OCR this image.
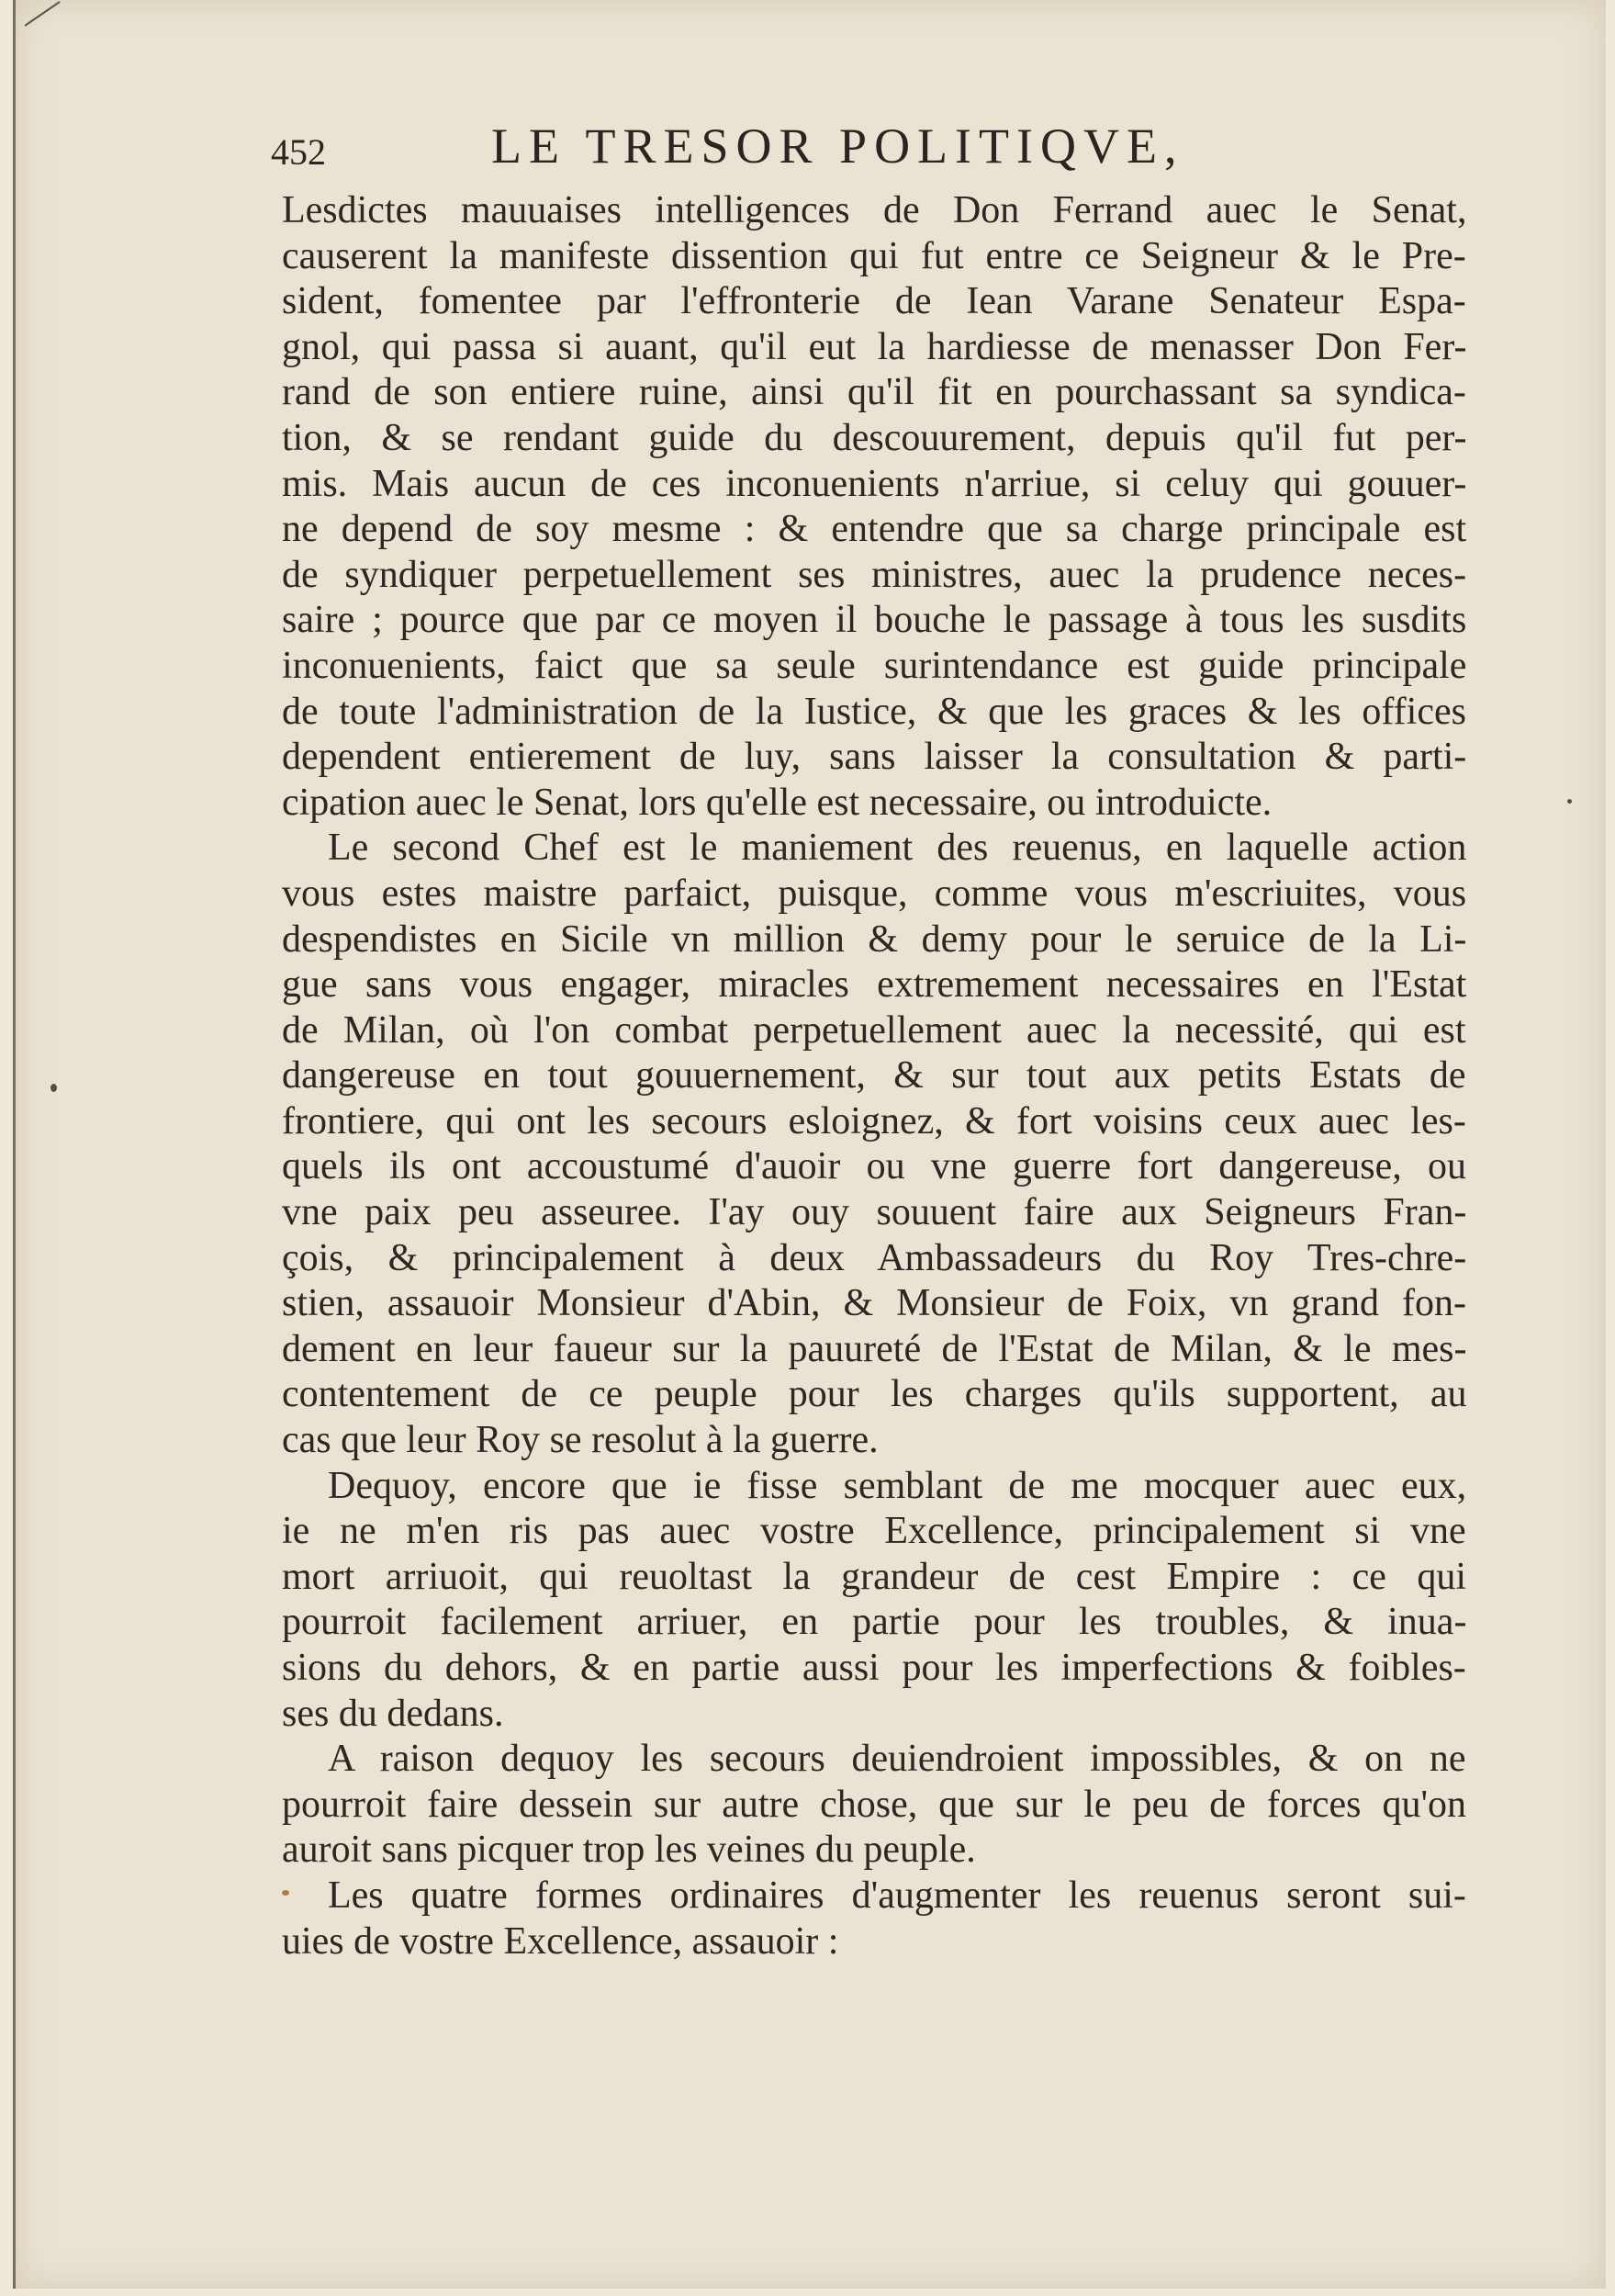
452	LE TRESOR POLITIQVE,
Lesdictes mauuaises intelligences de Don Ferrand auec le Senat,
causerent la manifeste dissention qui fut entre ce Seigneur & le Pre-
sident, fomentee par l'effronterie de Iean Varane Senateur Espa-
gnol, qui passa si auant, qu'il eut la hardiesse de menasser Don Fer-
rand de son entiere ruine, ainsi qu'il fit en pourchassant sa syndica-
tion, & se rendant guide du descouurement, depuis qu'il fut per-
mis. Mais aucun de ces inconuenients n'arriue, si celuy qui gouuer-
ne depend de soy mesme : & entendre que sa charge principale est
de syndiquer perpetuellement ses ministres, auec la prudence neces-
saire ; pource que par ce moyen il bouche le passage à tous les susdits
inconuenients, faict que sa seule surintendance est guide principale
de toute l'administration de la Iustice, & que les graces & les offices
dependent entierement de luy, sans laisser la consultation & parti-
cipation auec le Senat, lors qu'elle est necessaire, ou introduicte.
Le second Chef est le maniement des reuenus, en laquelle action
vous estes maistre parfaict, puisque, comme vous m'escriuites, vous
despendistes en Sicile vn million & demy pour le seruice de la Li-
gue sans vous engager, miracles extremement necessaires en l'Estat
de Milan, où l'on combat perpetuellement auec la necessité, qui est
dangereuse en tout gouuernement, & sur tout aux petits Estats de
frontiere, qui ont les secours esloignez, & fort voisins ceux auec les-
quels ils ont accoustumé d'auoir ou vne guerre fort dangereuse, ou
vne paix peu asseuree. I'ay ouy souuent faire aux Seigneurs Fran-
çois, & principalement à deux Ambassadeurs du Roy Tres-chre-
stien, assauoir Monsieur d'Abin, & Monsieur de Foix, vn grand fon-
dement en leur faueur sur la pauureté de l'Estat de Milan, & le mes-
contentement de ce peuple pour les charges qu'ils supportent, au
cas que leur Roy se resolut à la guerre.
Dequoy, encore que ie fisse semblant de me mocquer auec eux,
ie ne m'en ris pas auec vostre Excellence, principalement si vne
mort arriuoit, qui reuoltast la grandeur de cest Empire : ce qui
pourroit facilement arriuer, en partie pour les troubles, & inua-
sions du dehors, & en partie aussi pour les imperfections & foibles-
ses du dedans.
A raison dequoy les secours deuiendroient impossibles, & on ne
pourroit faire dessein sur autre chose, que sur le peu de forces qu'on
auroit sans picquer trop les veines du peuple.
Les quatre formes ordinaires d'augmenter les reuenus seront sui-
uies de vostre Excellence, assauoir :
